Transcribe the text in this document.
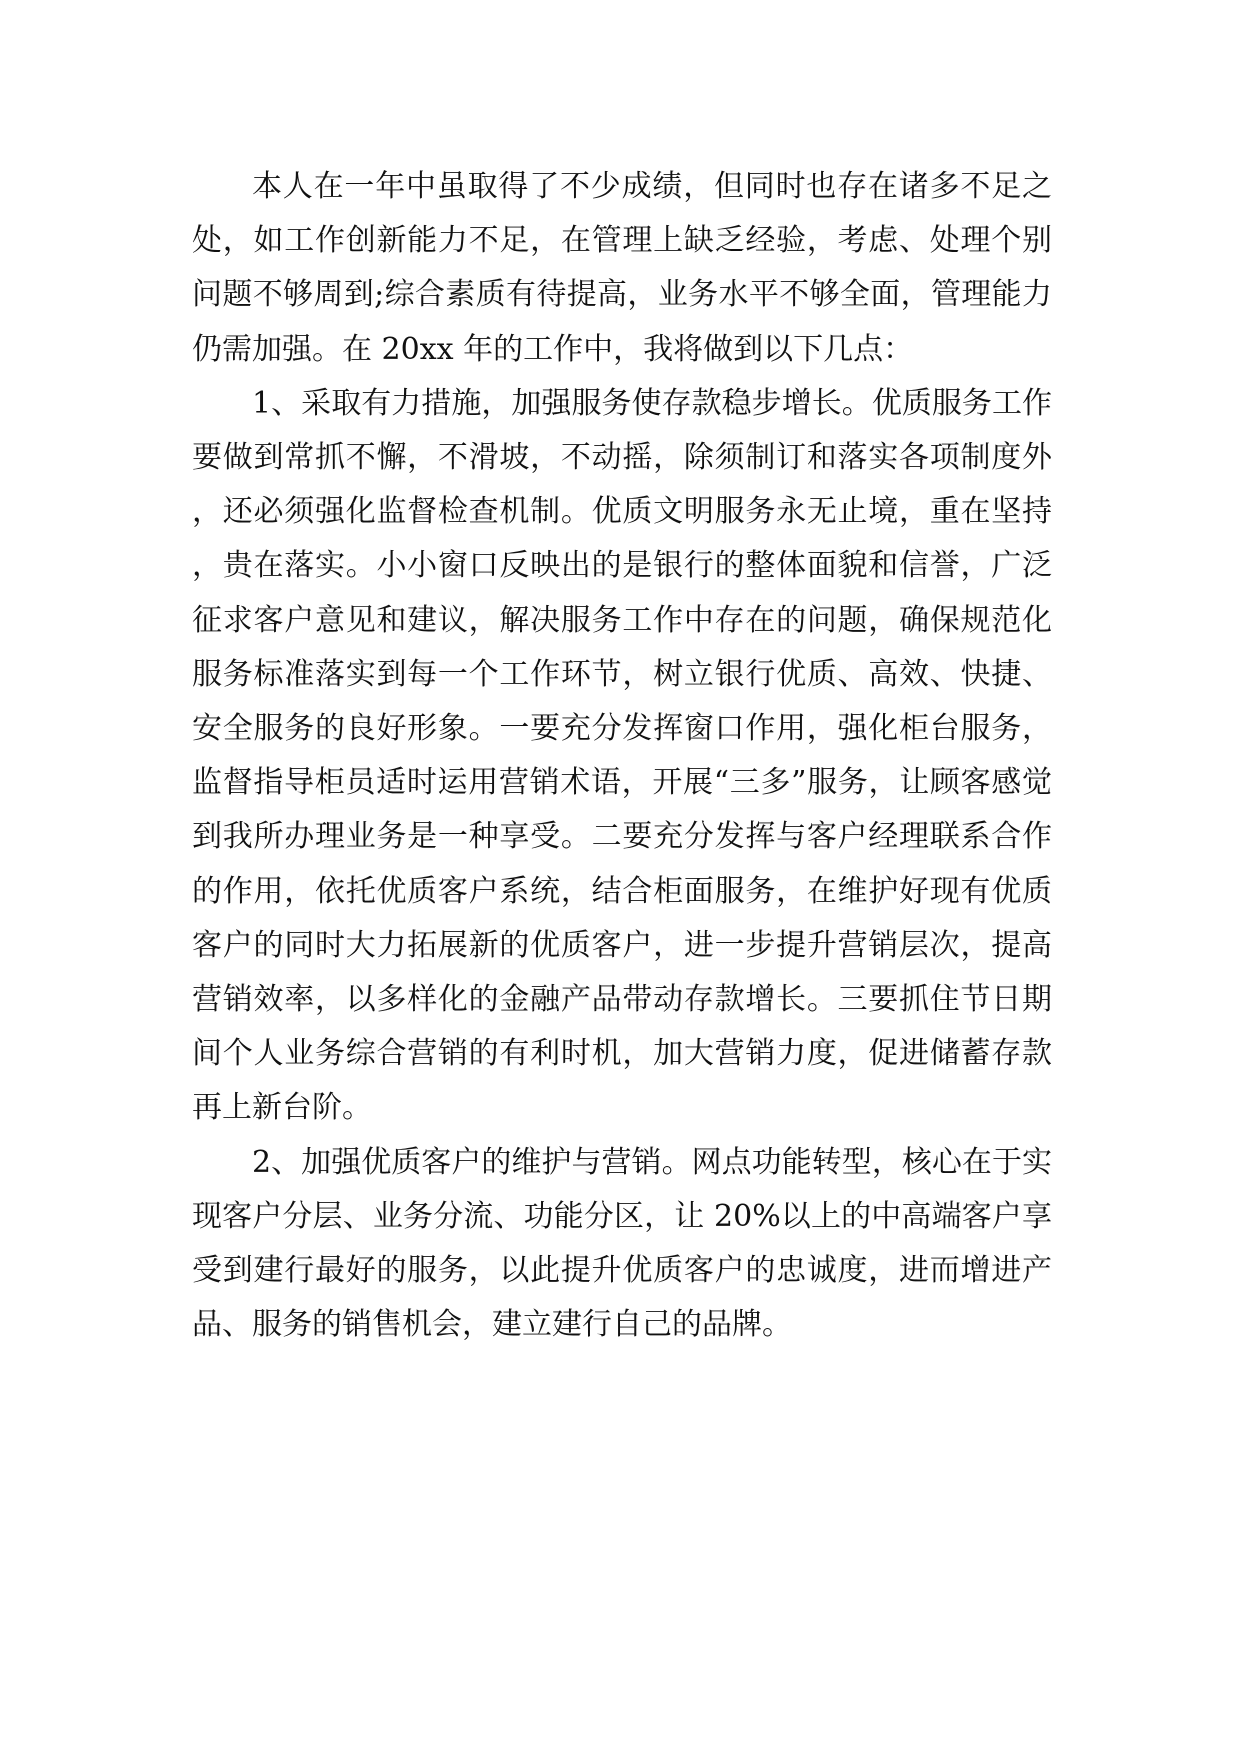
本人在一年中虽取得了不少成绩，但同时也存在诸多不足之处，如工作创新能力不足，在管理上缺乏经验，考虑、处理个别问题不够周到;综合素质有待提高，业务水平不够全面，管理能力仍需加强。在 20xx 年的工作中，我将做到以下几点：

1、采取有力措施，加强服务使存款稳步增长。优质服务工作要做到常抓不懈，不滑坡，不动摇，除须制订和落实各项制度外，还必须强化监督检查机制。优质文明服务永无止境，重在坚持，贵在落实。小小窗口反映出的是银行的整体面貌和信誉，广泛征求客户意见和建议，解决服务工作中存在的问题，确保规范化服务标准落实到每一个工作环节，树立银行优质、高效、快捷、安全服务的良好形象。一要充分发挥窗口作用，强化柜台服务，监督指导柜员适时运用营销术语，开展“三多”服务，让顾客感觉到我所办理业务是一种享受。二要充分发挥与客户经理联系合作的作用，依托优质客户系统，结合柜面服务，在维护好现有优质客户的同时大力拓展新的优质客户，进一步提升营销层次，提高营销效率，以多样化的金融产品带动存款增长。三要抓住节日期间个人业务综合营销的有利时机，加大营销力度，促进储蓄存款再上新台阶。

2、加强优质客户的维护与营销。网点功能转型，核心在于实现客户分层、业务分流、功能分区，让 20%以上的中高端客户享受到建行最好的服务，以此提升优质客户的忠诚度，进而增进产品、服务的销售机会，建立建行自己的品牌。
